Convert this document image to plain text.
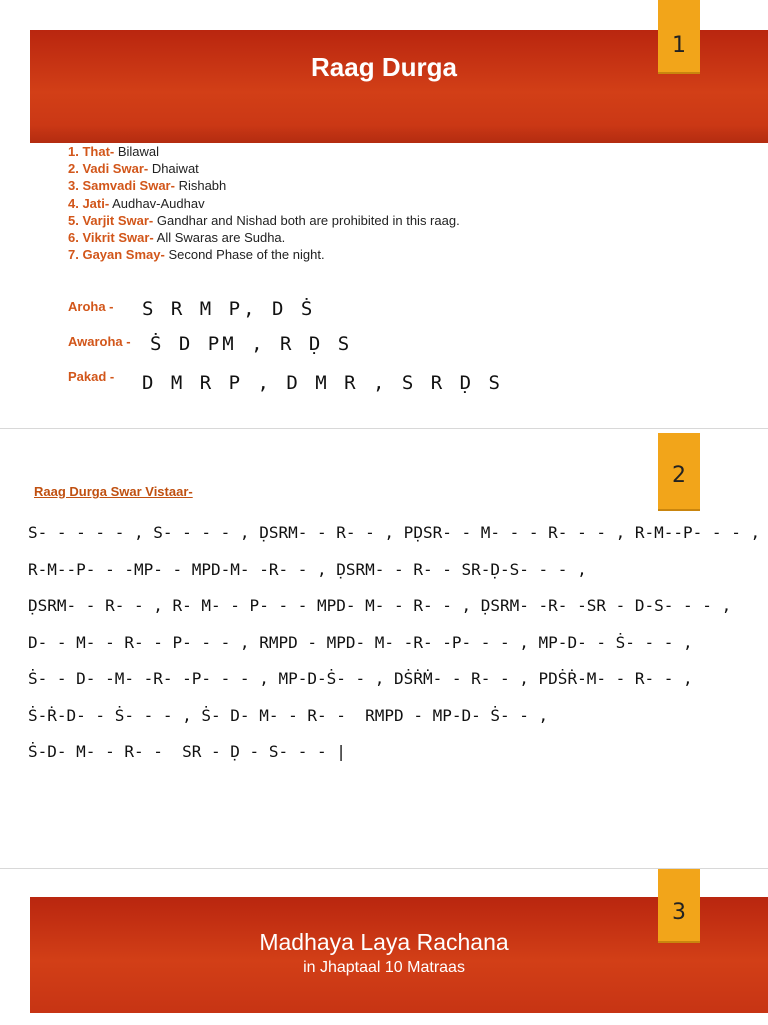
1
Raag Durga
1. That- Bilawal
2. Vadi Swar- Dhaiwat
3. Samvadi Swar- Rishabh
4. Jati- Audhav-Audhav
5. Varjit Swar- Gandhar and Nishad both are prohibited in this raag.
6. Vikrit Swar- All Swaras are Sudha.
7. Gayan Smay- Second Phase of the night.
Aroha - S R M P, D Ṡ
Awaroha - Ṡ D PM , R Ḍ S
Pakad - D M R P , D M R , S R Ḍ S
2
Raag Durga Swar Vistaar-
S- - - - - , S- - - - , ḌSRM- - R- - , PḌSR- - M- - - R- - - , R-M--P- - - ,
R-M--P- - -MP- - MPD-M- -R- - , ḌSRM- - R- - SR-Ḍ-S- - - ,
ḌSRM- - R- - , R- M- - P- - - MPD- M- - R- - , ḌSRM- -R- -SR - D-S- - - ,
D- - M- - R- - P- - - , RMPD - MPD- M- -R- -P- - - , MP-D- - Ṡ- - - ,
Ṡ- - D- -M- -R- -P- - - , MP-D-Ṡ- - , DṠṘṀ- - R- - , PDṠṘ-M- - R- - ,
Ṡ-Ṙ-D- - Ṡ- - - , Ṡ- D- M- - R- -  RMPD - MP-D- Ṡ- - ,
Ṡ-D- M- - R- -  SR - Ḍ - S- - - |
3
Madhaya Laya Rachana
in Jhaptaal 10 Matraas
